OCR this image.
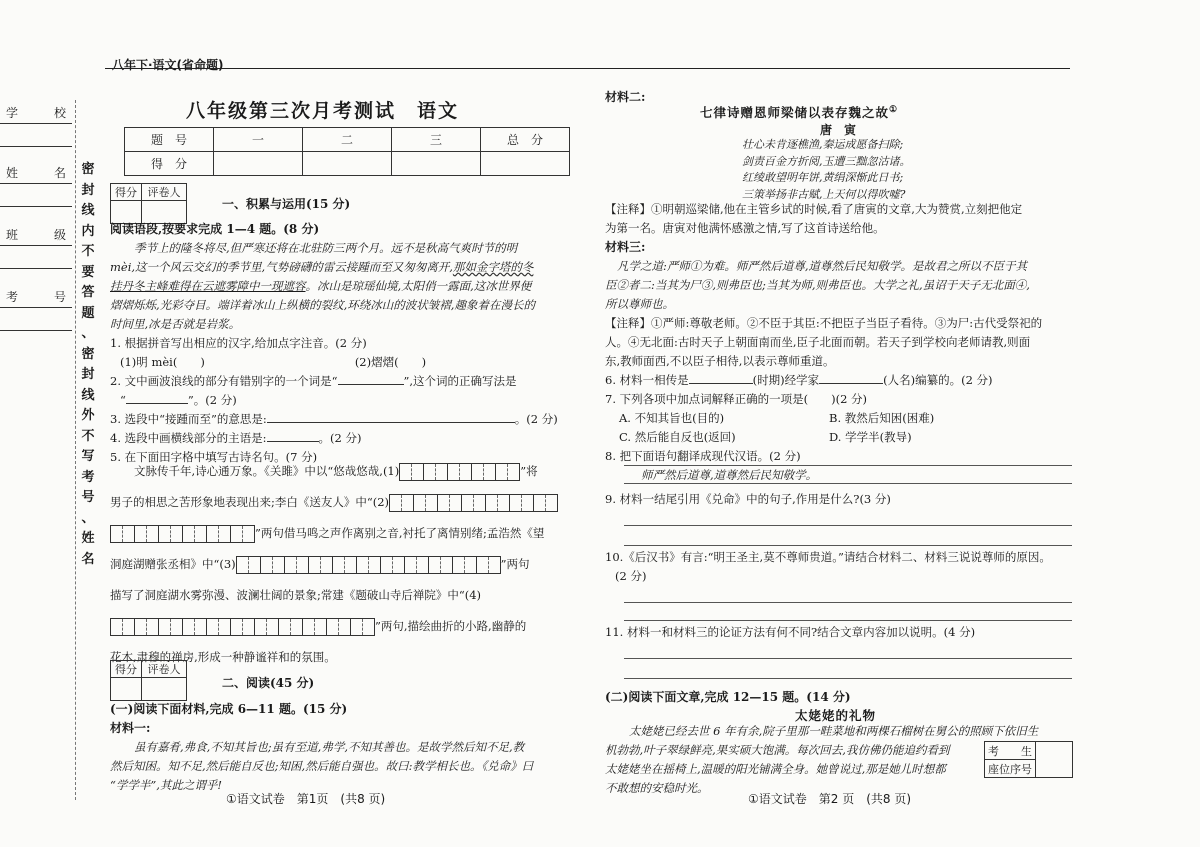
八年下·语文(省命题)
学	校
姓	名
班	级
考	号
密
封
线
内
不
要
答
题
、
密
封
线
外
不
写
考
号
、
姓
名
八年级第三次月考测试　语文
题　号	一	二	三	总　分
得　分				
得分	评卷人

一、积累与运用(15 分)
阅读语段,按要求完成 1—4 题。(8 分)
季节上的隆冬将尽,但严寒还将在北驻防三两个月。远不是秋高气爽时节的明
mèi,这一个风云交幻的季节里,气势磅礴的雷云接踵而至又匆匆离开,那如金字塔的冬
挂丹冬主峰难得在云遮雾障中一现遮容。冰山是琼瑶仙境,太阳俏一露面,这冰世界便
熠熠烁烁,光彩夺目。端详着冰山上纵横的裂纹,环绕冰山的波状皱褶,趣象着在漫长的
时间里,冰是否就是岩浆。
1. 根据拼音写出相应的汉字,给加点字注音。(2 分)
(1)明 mèi(　　)	(2)熠熠(　　)
2. 文中画波浪线的部分有错别字的一个词是“	”,这个词的正确写法是
“	”。(2 分)
3. 选段中“接踵而至”的意思是:	。(2 分)
4. 选段中画横线部分的主语是:	。(2 分)
5. 在下面田字格中填写古诗名句。(7 分)
文脉传千年,诗心通万象。《关雎》中以“悠哉悠哉,(1)	”将
男子的相思之苦形象地表现出来;李白《送友人》中“(2)
”两句借马鸣之声作离别之音,衬托了离情别绪;孟浩然《望
洞庭湖赠张丞相》中“(3)	”两句
描写了洞庭湖水雾弥漫、波澜壮阔的景象;常建《题破山寺后禅院》中“(4)
”两句,描绘曲折的小路,幽静的
花木,肃穆的禅房,形成一种静谧祥和的氛围。
得分	评卷人

二、阅读(45 分)
(一)阅读下面材料,完成 6—11 题。(15 分)
材料一:
虽有嘉肴,弗食,不知其旨也;虽有至道,弗学,不知其善也。是故学然后知不足,教
然后知困。知不足,然后能自反也;知困,然后能自强也。故曰:教学相长也。《兑命》曰
“学学半”,其此之谓乎!
①语文试卷　第1页　(共8 页)
材料二:
七律诗赠恩师梁储以表存魏之故①
唐　寅
壮心未肯逐樵渔,秦运成愿备扫除;
剑责百金方折阅,玉遭三黜忽沽诸。
红绫敢望明年饼,黄绢深惭此日书;
三策举扬非古赋,上天何以得吹嘘?
【注释】①明朝巡梁储,他在主管乡试的时候,看了唐寅的文章,大为赞赏,立刻把他定
为第一名。唐寅对他满怀感激之情,写了这首诗送给他。
材料三:
凡学之道:严师①为难。师严然后道尊,道尊然后民知敬学。是故君之所以不臣于其
臣②者二:当其为尸③,则弗臣也;当其为师,则弗臣也。大学之礼,虽诏于天子无北面④,
所以尊师也。
【注释】①严师:尊敬老师。②不臣于其臣:不把臣子当臣子看待。③为尸:古代受祭祀的
人。④无北面:古时天子上朝面南而坐,臣子北面而朝。若天子到学校向老师请教,则面
东,教师面西,不以臣子相待,以表示尊师重道。
6. 材料一相传是	(时期)经学家	(人名)编纂的。(2 分)
7. 下列各项中加点词解释正确的一项是(　　)(2 分)
A. 不知其旨也(目的)	B. 教然后知困(困难)
C. 然后能自反也(返回)	D. 学学半(教导)
8. 把下面语句翻译成现代汉语。(2 分)
师严然后道尊,道尊然后民知敬学。
9. 材料一结尾引用《兑命》中的句子,作用是什么?(3 分)
10.《后汉书》有言:“明王圣主,莫不尊师贵道。”请结合材料二、材料三说说尊师的原因。
(2 分)
11. 材料一和材料三的论证方法有何不同?结合文章内容加以说明。(4 分)
(二)阅读下面文章,完成 12—15 题。(14 分)
太姥姥的礼物
太姥姥已经去世 6 年有余,院子里那一畦菜地和两棵石榴树在舅公的照顾下依旧生
机勃勃,叶子翠绿鲜亮,果实硕大饱满。每次回去,我仿佛仍能追约看到
太姥姥坐在摇椅上,温暖的阳光铺满全身。她曾说过,那是她儿时想都
不敢想的安稳时光。
考　　生	
座位序号
①语文试卷　第2 页　(共8 页)
